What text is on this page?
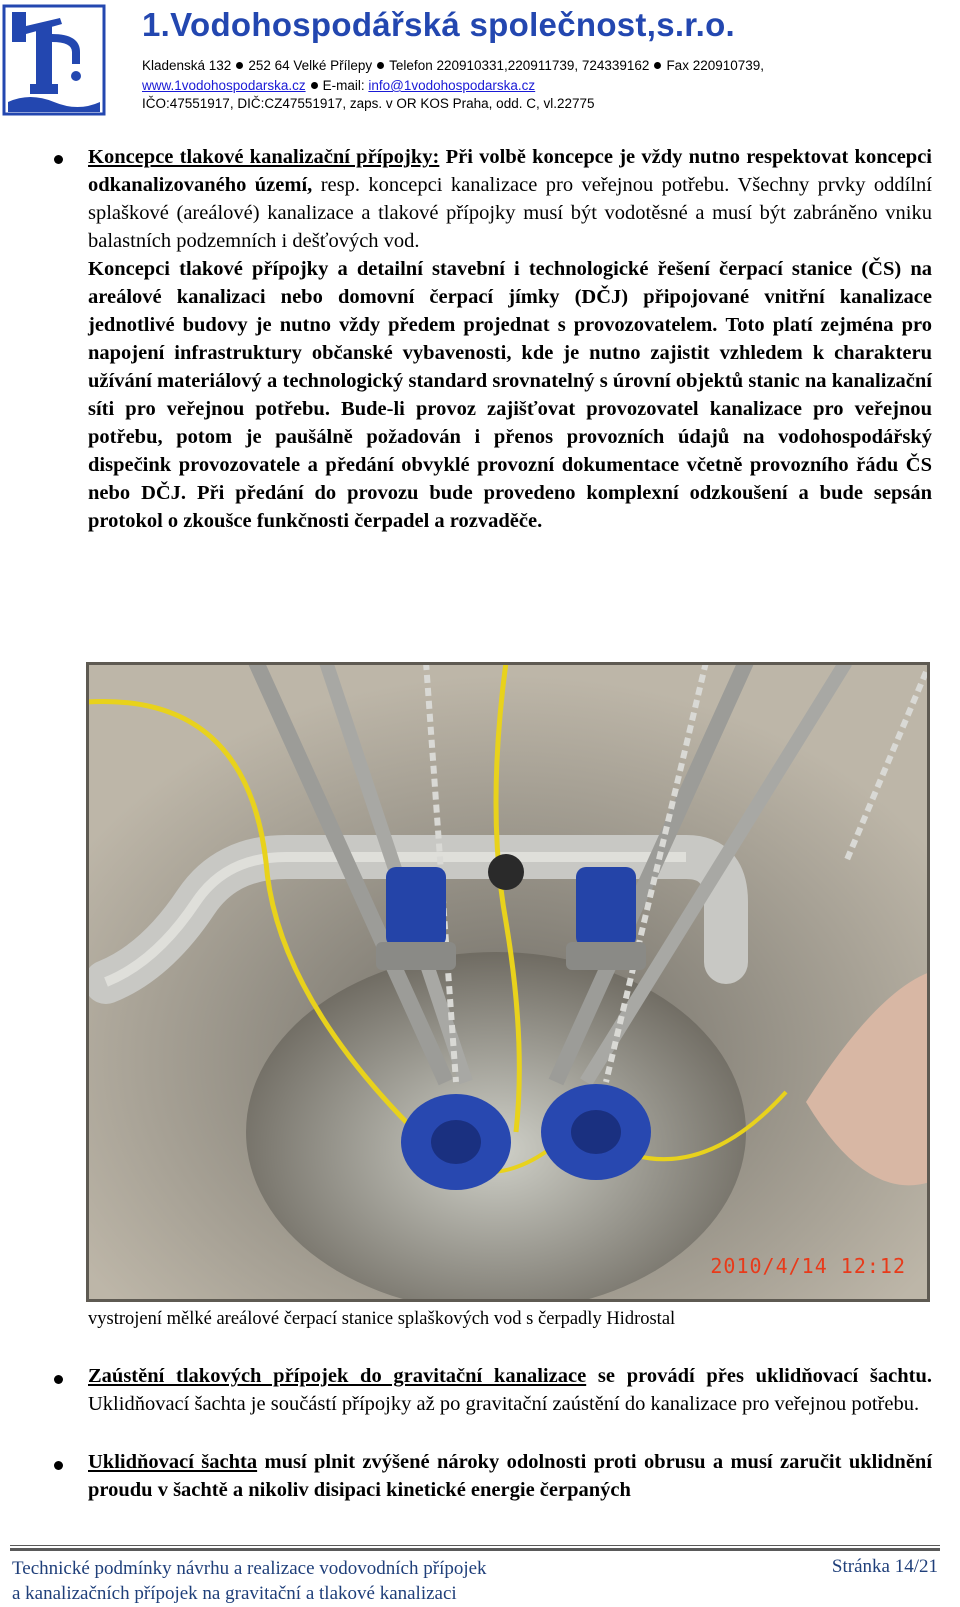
1.Vodohospodářská společnost,s.r.o.
Kladenská 132 252 64 Velké Přílepy Telefon 220910331,220911739, 724339162 Fax 220910739,
www.1vodohospodarska.cz E-mail: info@1vodohospodarska.cz
IČO:47551917, DIČ:CZ47551917, zaps. v OR KOS Praha, odd. C, vl.22775
Koncepce tlakové kanalizační přípojky: Při volbě koncepce je vždy nutno respektovat koncepci odkanalizovaného území, resp. koncepci kanalizace pro veřejnou potřebu. Všechny prvky oddílní splaškové (areálové) kanalizace a tlakové přípojky musí být vodotěsné a musí být zabráněno vniku balastních podzemních i dešťových vod.
Koncepci tlakové přípojky a detailní stavební i technologické řešení čerpací stanice (ČS) na areálové kanalizaci nebo domovní čerpací jímky (DČJ) připojované vnitřní kanalizace jednotlivé budovy je nutno vždy předem projednat s provozovatelem. Toto platí zejména pro napojení infrastruktury občanské vybavenosti, kde je nutno zajistit vzhledem k charakteru užívání materiálový a technologický standard srovnatelný s úrovní objektů stanic na kanalizační síti pro veřejnou potřebu. Bude-li provoz zajišťovat provozovatel kanalizace pro veřejnou potřebu, potom je paušálně požadován i přenos provozních údajů na vodohospodářský dispečink provozovatele a předání obvyklé provozní dokumentace včetně provozního řádu ČS nebo DČJ. Při předání do provozu bude provedeno komplexní odzkoušení a bude sepsán protokol o zkoušce funkčnosti čerpadel a rozvaděče.
2010/4/14 12:12
vystrojení mělké areálové čerpací stanice splaškových vod s čerpadly Hidrostal
Zaústění tlakových přípojek do gravitační kanalizace se provádí přes uklidňovací šachtu. Uklidňovací šachta je součástí přípojky až po gravitační zaústění do kanalizace pro veřejnou potřebu.
Uklidňovací šachta musí plnit zvýšené nároky odolnosti proti obrusu a musí zaručit uklidnění proudu v šachtě a nikoliv disipaci kinetické energie čerpaných
Technické podmínky návrhu a realizace vodovodních přípojek
a kanalizačních přípojek na gravitační a tlakové kanalizaci
Stránka 14/21
